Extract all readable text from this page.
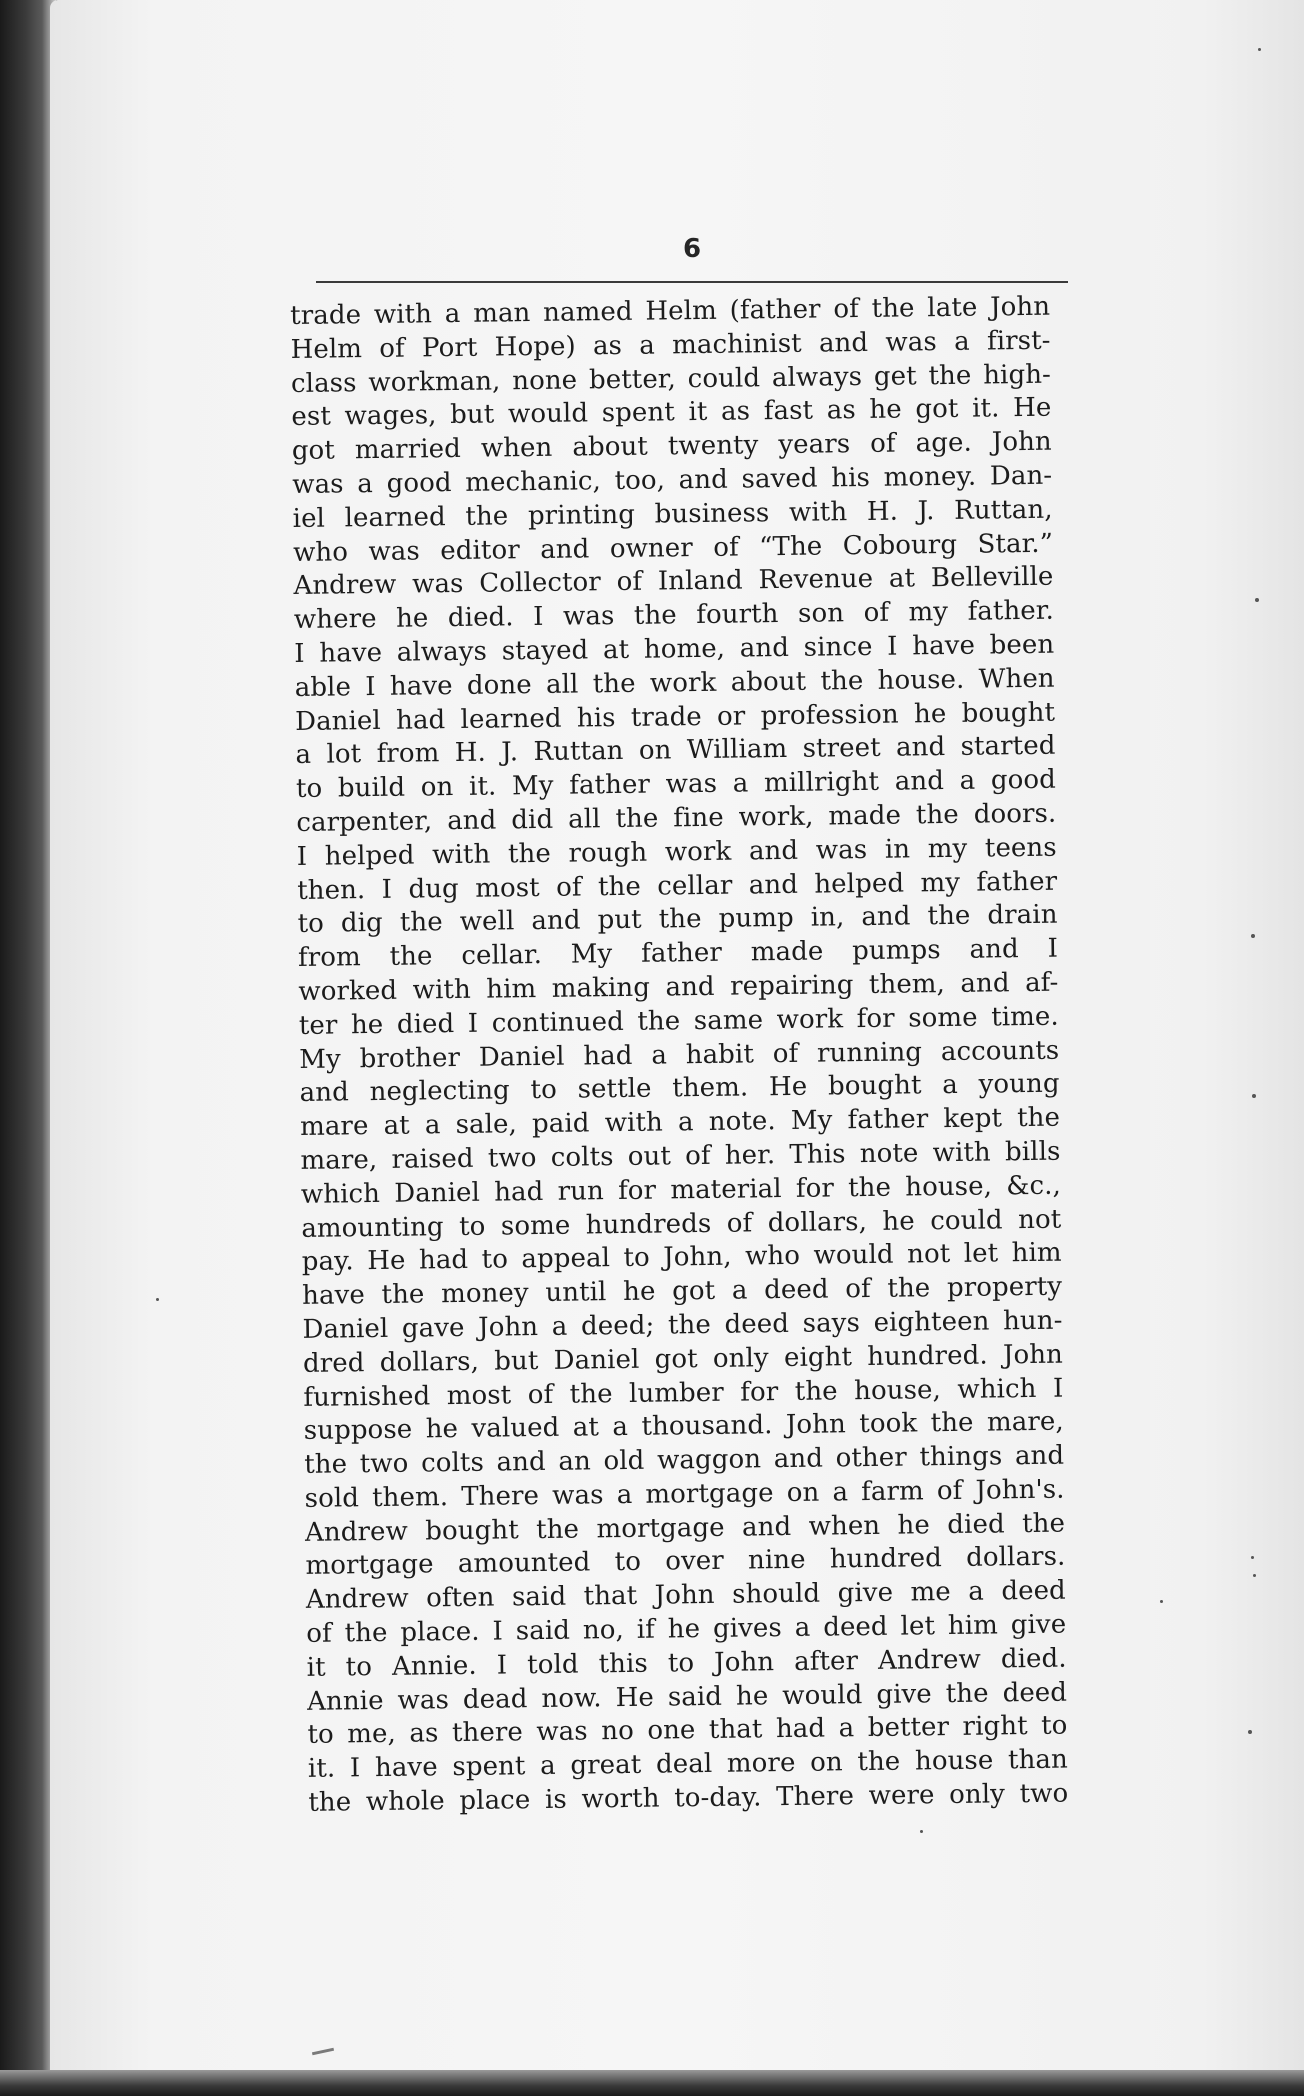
6
trade with a man named Helm (father of the late John
Helm of Port Hope) as a machinist and was a first-
class workman, none better, could always get the high-
est wages, but would spent it as fast as he got it. He
got married when about twenty years of age. John
was a good mechanic, too, and saved his money. Dan-
iel learned the printing business with H. J. Ruttan,
who was editor and owner of “The Cobourg Star.”
Andrew was Collector of Inland Revenue at Belleville
where he died. I was the fourth son of my father.
I have always stayed at home, and since I have been
able I have done all the work about the house. When
Daniel had learned his trade or profession he bought
a lot from H. J. Ruttan on William street and started
to build on it. My father was a millright and a good
carpenter, and did all the fine work, made the doors.
I helped with the rough work and was in my teens
then. I dug most of the cellar and helped my father
to dig the well and put the pump in, and the drain
from the cellar. My father made pumps and I
worked with him making and repairing them, and af-
ter he died I continued the same work for some time.
My brother Daniel had a habit of running accounts
and neglecting to settle them. He bought a young
mare at a sale, paid with a note. My father kept the
mare, raised two colts out of her. This note with bills
which Daniel had run for material for the house, &c.,
amounting to some hundreds of dollars, he could not
pay. He had to appeal to John, who would not let him
have the money until he got a deed of the property
Daniel gave John a deed; the deed says eighteen hun-
dred dollars, but Daniel got only eight hundred. John
furnished most of the lumber for the house, which I
suppose he valued at a thousand. John took the mare,
the two colts and an old waggon and other things and
sold them. There was a mortgage on a farm of John's.
Andrew bought the mortgage and when he died the
mortgage amounted to over nine hundred dollars.
Andrew often said that John should give me a deed
of the place. I said no, if he gives a deed let him give
it to Annie. I told this to John after Andrew died.
Annie was dead now. He said he would give the deed
to me, as there was no one that had a better right to
it. I have spent a great deal more on the house than
the whole place is worth to-day. There were only two
